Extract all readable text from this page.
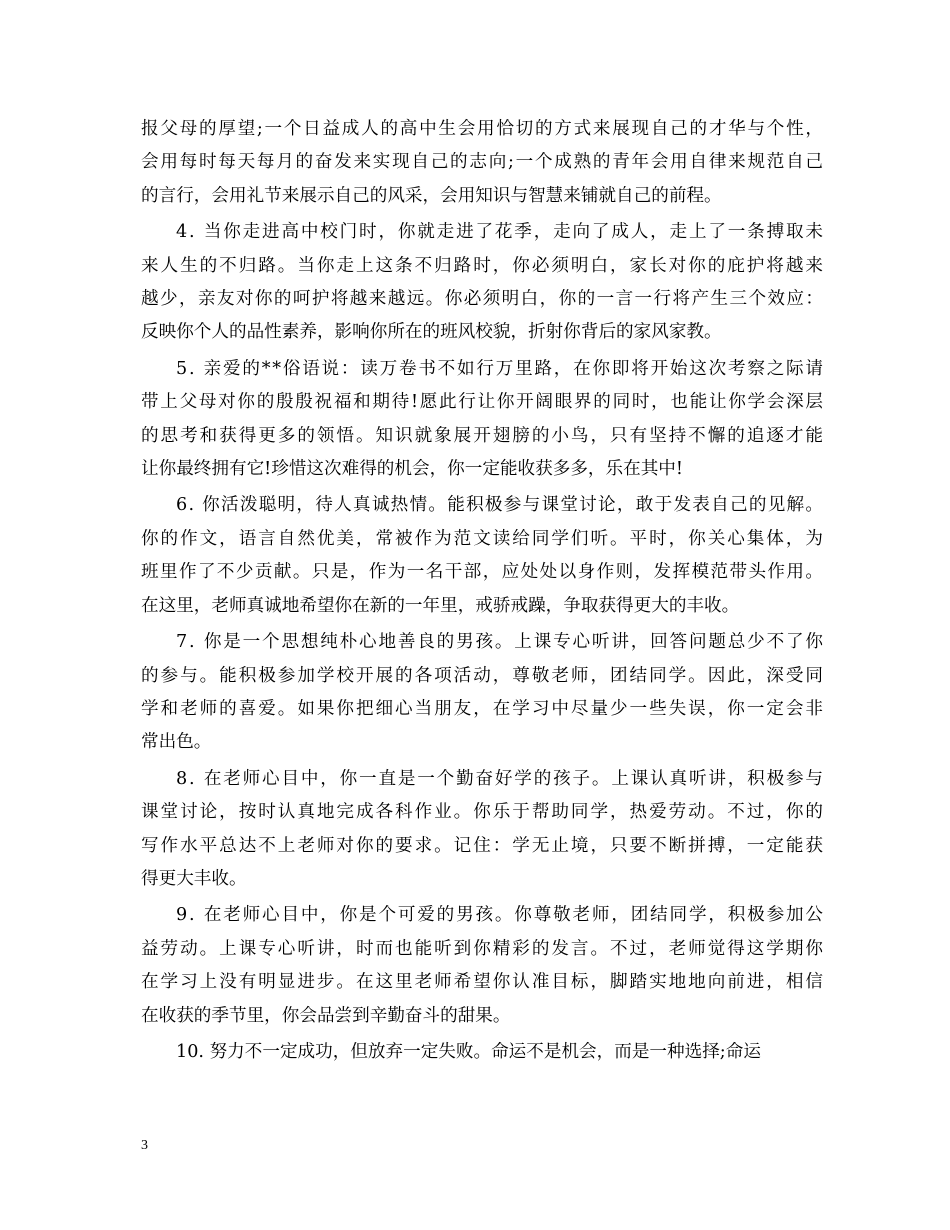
报父母的厚望;一个日益成人的高中生会用恰切的方式来展现自己的才华与个性，
会用每时每天每月的奋发来实现自己的志向;一个成熟的青年会用自律来规范自己
的言行，会用礼节来展示自己的风采，会用知识与智慧来铺就自己的前程。

4. 当你走进高中校门时，你就走进了花季，走向了成人，走上了一条搏取未
来人生的不归路。当你走上这条不归路时，你必须明白，家长对你的庇护将越来
越少，亲友对你的呵护将越来越远。你必须明白，你的一言一行将产生三个效应：
反映你个人的品性素养，影响你所在的班风校貌，折射你背后的家风家教。

5. 亲爱的**俗语说：读万卷书不如行万里路，在你即将开始这次考察之际请
带上父母对你的殷殷祝福和期待!愿此行让你开阔眼界的同时，也能让你学会深层
的思考和获得更多的领悟。知识就象展开翅膀的小鸟，只有坚持不懈的追逐才能
让你最终拥有它!珍惜这次难得的机会，你一定能收获多多，乐在其中!

6. 你活泼聪明，待人真诚热情。能积极参与课堂讨论，敢于发表自己的见解。
你的作文，语言自然优美，常被作为范文读给同学们听。平时，你关心集体，为
班里作了不少贡献。只是，作为一名干部，应处处以身作则，发挥模范带头作用。
在这里，老师真诚地希望你在新的一年里，戒骄戒躁，争取获得更大的丰收。

7. 你是一个思想纯朴心地善良的男孩。上课专心听讲，回答问题总少不了你
的参与。能积极参加学校开展的各项活动，尊敬老师，团结同学。因此，深受同
学和老师的喜爱。如果你把细心当朋友，在学习中尽量少一些失误，你一定会非
常出色。

8. 在老师心目中，你一直是一个勤奋好学的孩子。上课认真听讲，积极参与
课堂讨论，按时认真地完成各科作业。你乐于帮助同学，热爱劳动。不过，你的
写作水平总达不上老师对你的要求。记住：学无止境，只要不断拼搏，一定能获
得更大丰收。

9. 在老师心目中，你是个可爱的男孩。你尊敬老师，团结同学，积极参加公
益劳动。上课专心听讲，时而也能听到你精彩的发言。不过，老师觉得这学期你
在学习上没有明显进步。在这里老师希望你认准目标，脚踏实地地向前进，相信
在收获的季节里，你会品尝到辛勤奋斗的甜果。

10. 努力不一定成功，但放弃一定失败。命运不是机会，而是一种选择;命运

3
